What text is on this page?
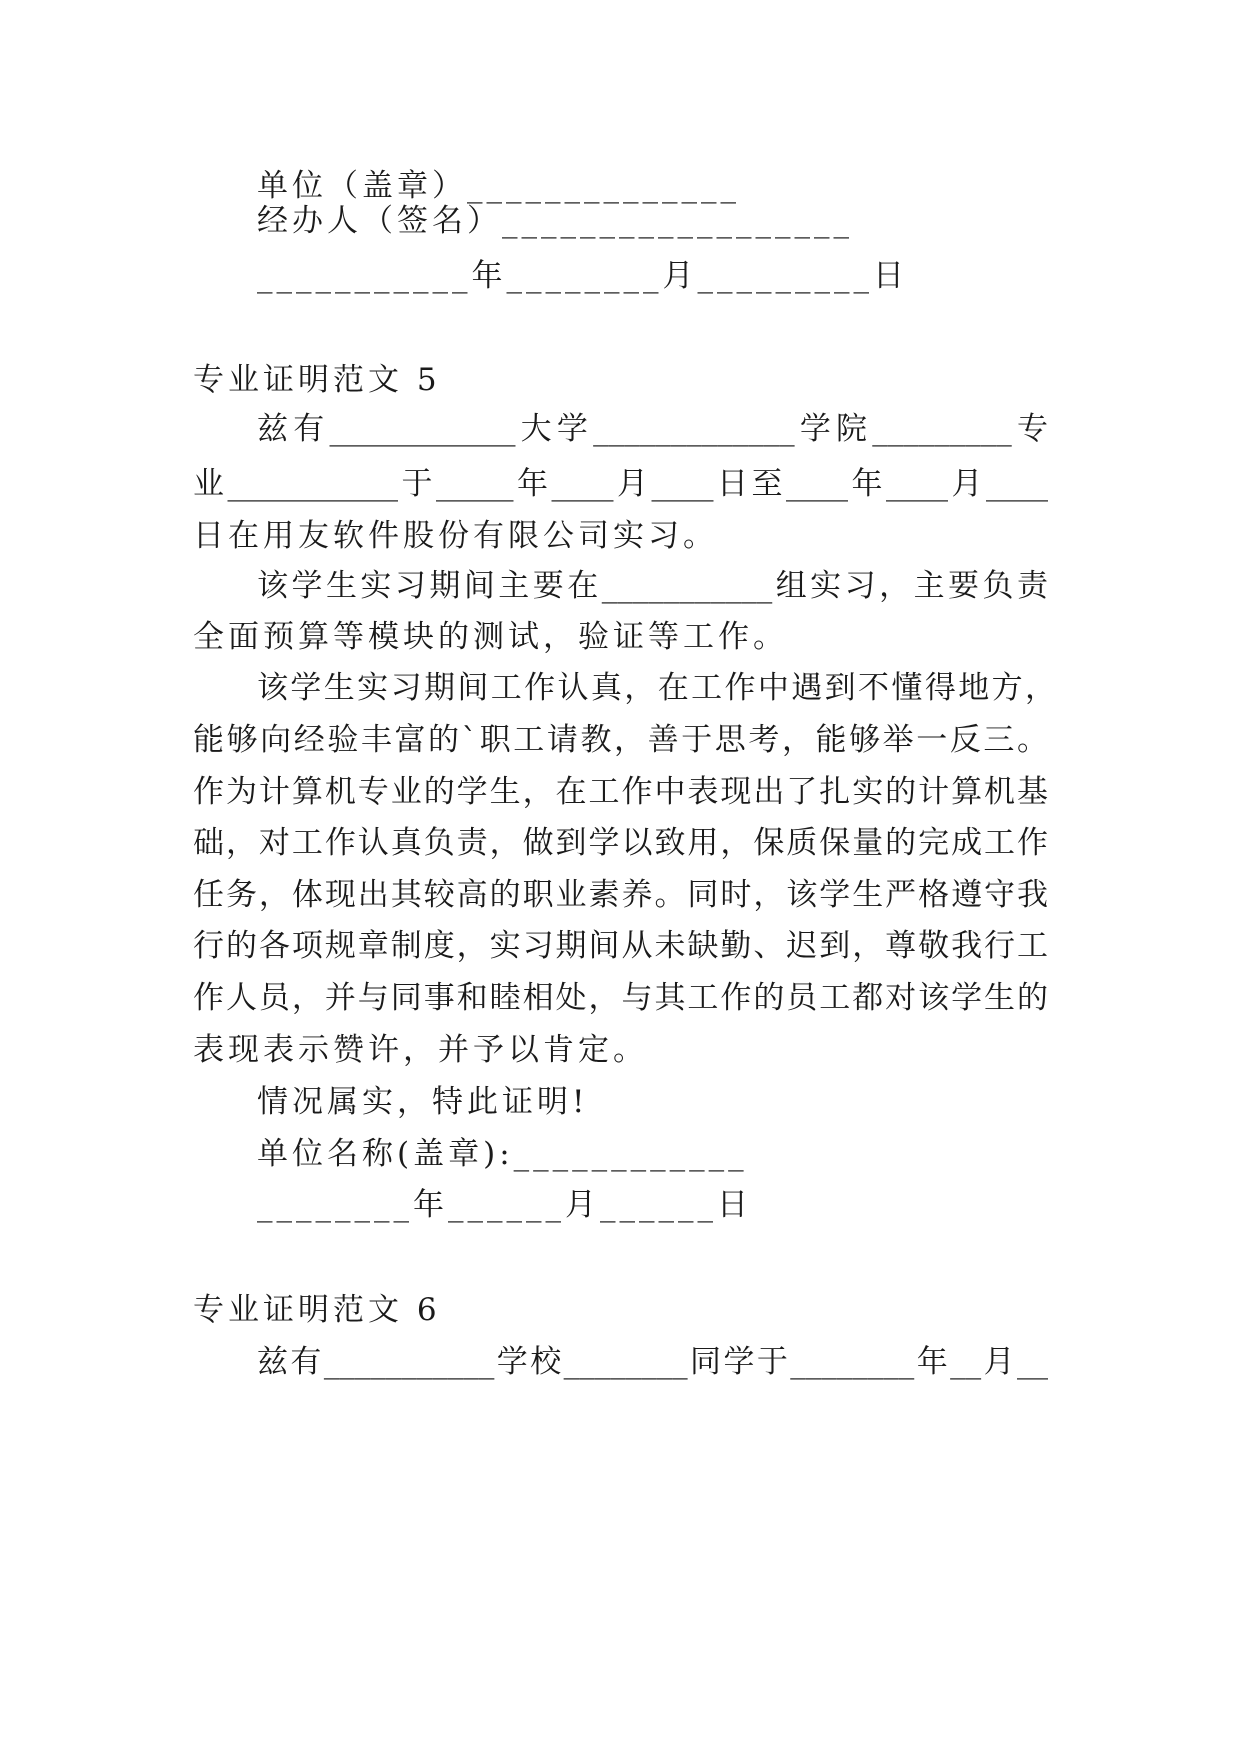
单位（盖章）______________
经办人（签名）__________________
___________年________月_________日
专业证明范文 5
兹有____________大学_____________学院_________专
业___________于_____年____月____日至____年____月____
日在用友软件股份有限公司实习。
该学生实习期间主要在___________组实习，主要负责
全面预算等模块的测试，验证等工作。
该学生实习期间工作认真，在工作中遇到不懂得地方，
能够向经验丰富的`职工请教，善于思考，能够举一反三。
作为计算机专业的学生，在工作中表现出了扎实的计算机基
础，对工作认真负责，做到学以致用，保质保量的完成工作
任务，体现出其较高的职业素养。同时，该学生严格遵守我
行的各项规章制度，实习期间从未缺勤、迟到，尊敬我行工
作人员，并与同事和睦相处，与其工作的员工都对该学生的
表现表示赞许，并予以肯定。
情况属实，特此证明!
单位名称(盖章):____________
________年______月______日
专业证明范文 6
兹有___________学校________同学于________年__月__
